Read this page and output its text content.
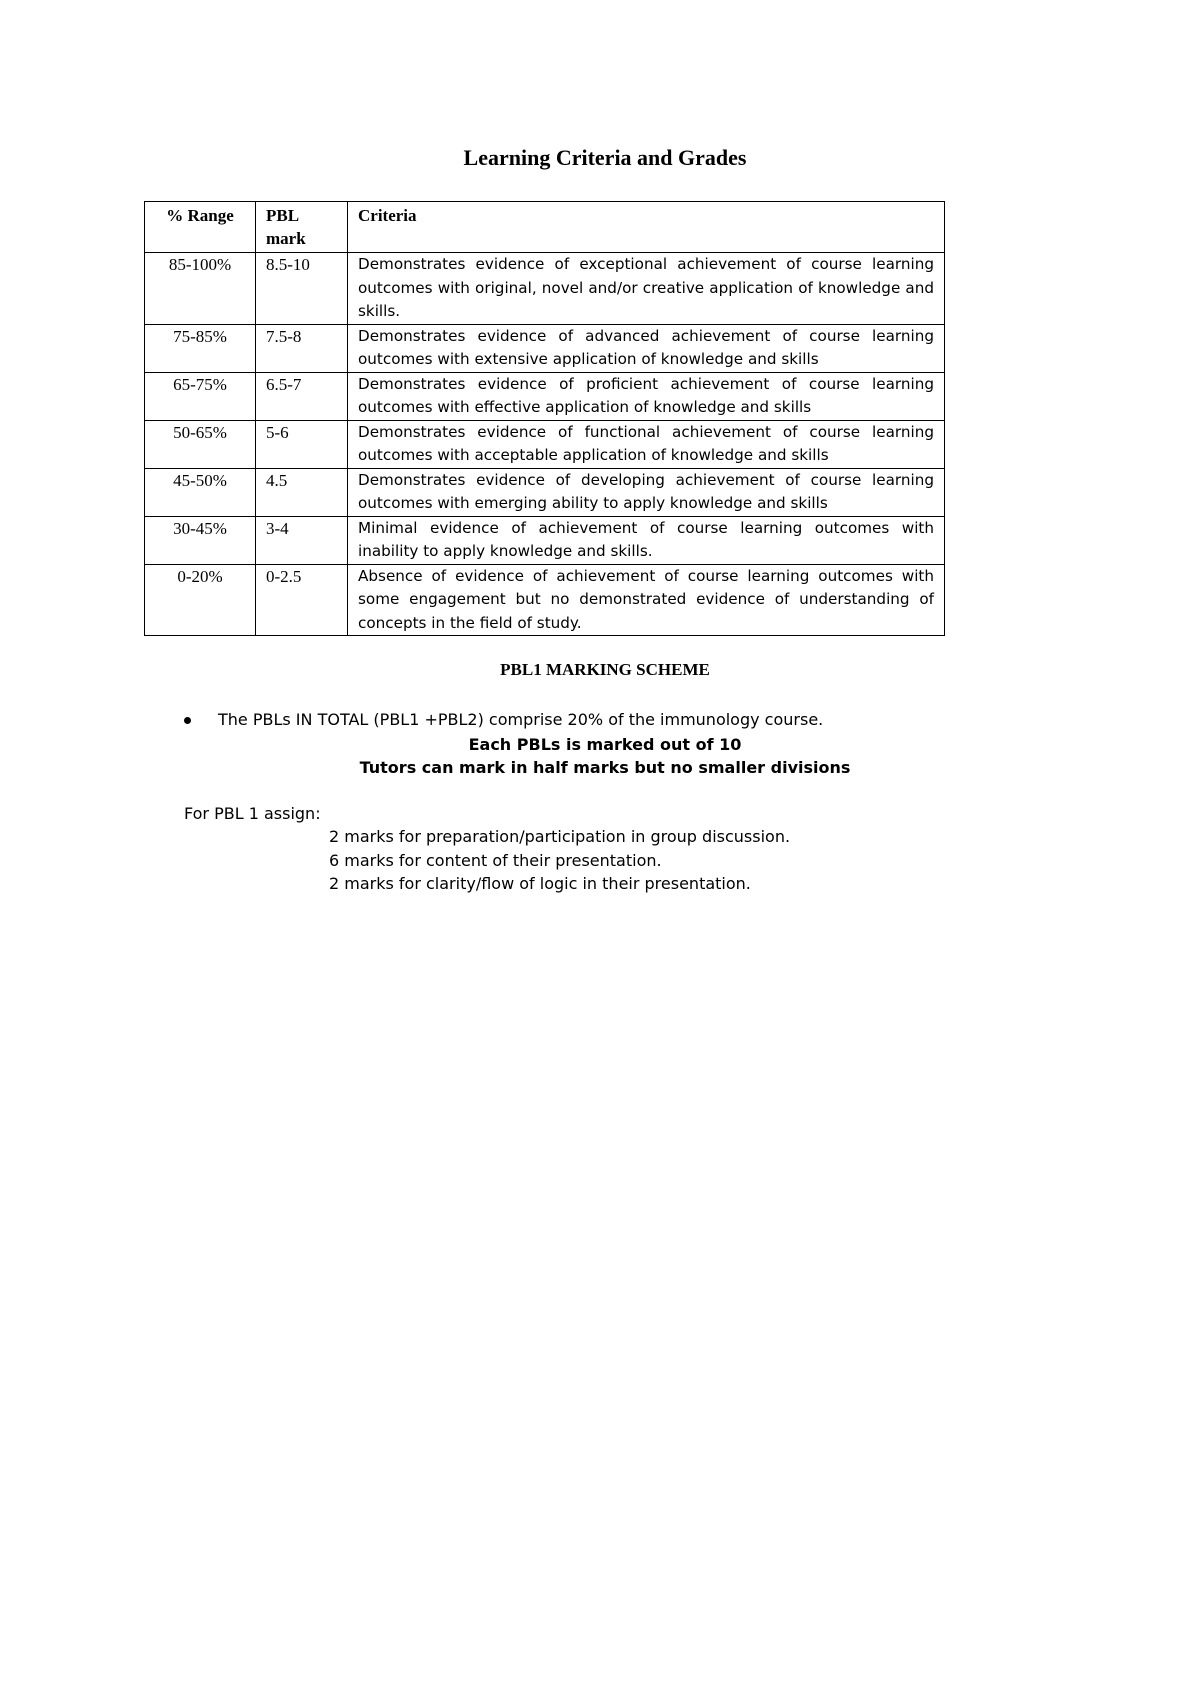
Learning Criteria and Grades
% Range	PBL mark	Criteria
85-100%	8.5-10	Demonstrates evidence of exceptional achievement of course learning outcomes with original, novel and/or creative application of knowledge and skills.
75-85%	7.5-8	Demonstrates evidence of advanced achievement of course learning outcomes with extensive application of knowledge and skills
65-75%	6.5-7	Demonstrates evidence of proficient achievement of course learning outcomes with effective application of knowledge and skills
50-65%	5-6	Demonstrates evidence of functional achievement of course learning outcomes with acceptable application of knowledge and skills
45-50%	4.5	Demonstrates evidence of developing achievement of course learning outcomes with emerging ability to apply knowledge and skills
30-45%	3-4	Minimal evidence of achievement of course learning outcomes with inability to apply knowledge and skills.
0-20%	0-2.5	Absence of evidence of achievement of course learning outcomes with some engagement but no demonstrated evidence of understanding of concepts in the field of study.
PBL1 MARKING SCHEME
The PBLs IN TOTAL (PBL1 +PBL2) comprise 20% of the immunology course.
Each PBLs is marked out of 10
Tutors can mark in half marks but no smaller divisions
For PBL 1 assign:
2 marks for preparation/participation in group discussion.
6 marks for content of their presentation.
2 marks for clarity/flow of logic in their presentation.
